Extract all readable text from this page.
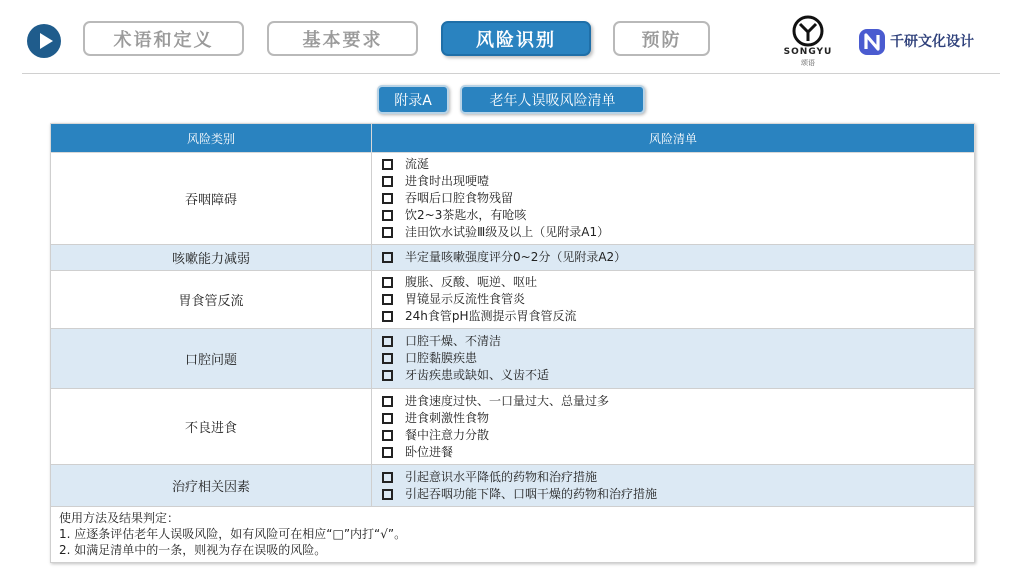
术语和定义	基本要求	风险识别	预防
SONGYU
颂语
千研文化设计
附录A	老年人误吸风险清单
风险类别	风险清单
吞咽障碍	流涎
进食时出现哽噎
吞咽后口腔食物残留
饮2~3茶匙水，有呛咳
洼田饮水试验Ⅲ级及以上（见附录A1）

咳嗽能力减弱	半定量咳嗽强度评分0~2分（见附录A2）

胃食管反流	腹胀、反酸、呃逆、呕吐
胃镜显示反流性食管炎
24h食管pH监测提示胃食管反流

口腔问题	口腔干燥、不清洁
口腔黏膜疾患
牙齿疾患或缺如、义齿不适

不良进食	进食速度过快、一口量过大、总量过多
进食刺激性食物
餐中注意力分散
卧位进餐

治疗相关因素	引起意识水平降低的药物和治疗措施
引起吞咽功能下降、口咽干燥的药物和治疗措施

使用方法及结果判定：
1. 应逐条评估老年人误吸风险，如有风险可在相应“□”内打“√”。
2. 如满足清单中的一条，则视为存在误吸的风险。	
